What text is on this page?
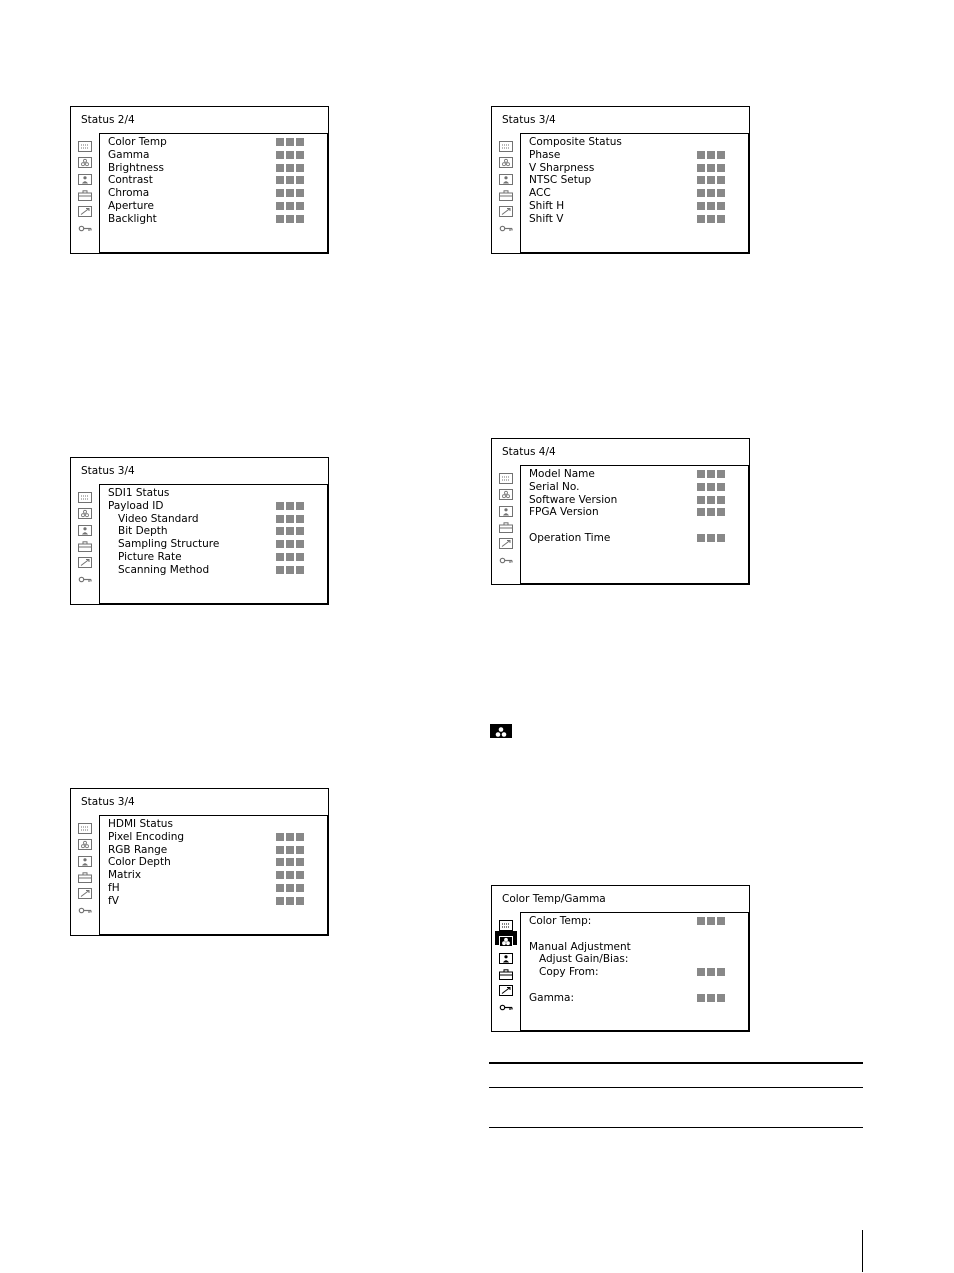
Status 2/4
Color Temp
Gamma
Brightness
Contrast
Chroma
Aperture
Backlight
Status 3/4
Composite Status
Phase
V Sharpness
NTSC Setup
ACC
Shift H
Shift V
Status 3/4
SDI1 Status
Payload ID
Video Standard
Bit Depth
Sampling Structure
Picture Rate
Scanning Method
Status 4/4
Model Name
Serial No.
Software Version
FPGA Version
Operation Time
Status 3/4
HDMI Status
Pixel Encoding
RGB Range
Color Depth
Matrix
fH
fV	Color Temp/Gamma
Color Temp:
Manual Adjustment
Adjust Gain/Bias:
Copy From:
Gamma:
